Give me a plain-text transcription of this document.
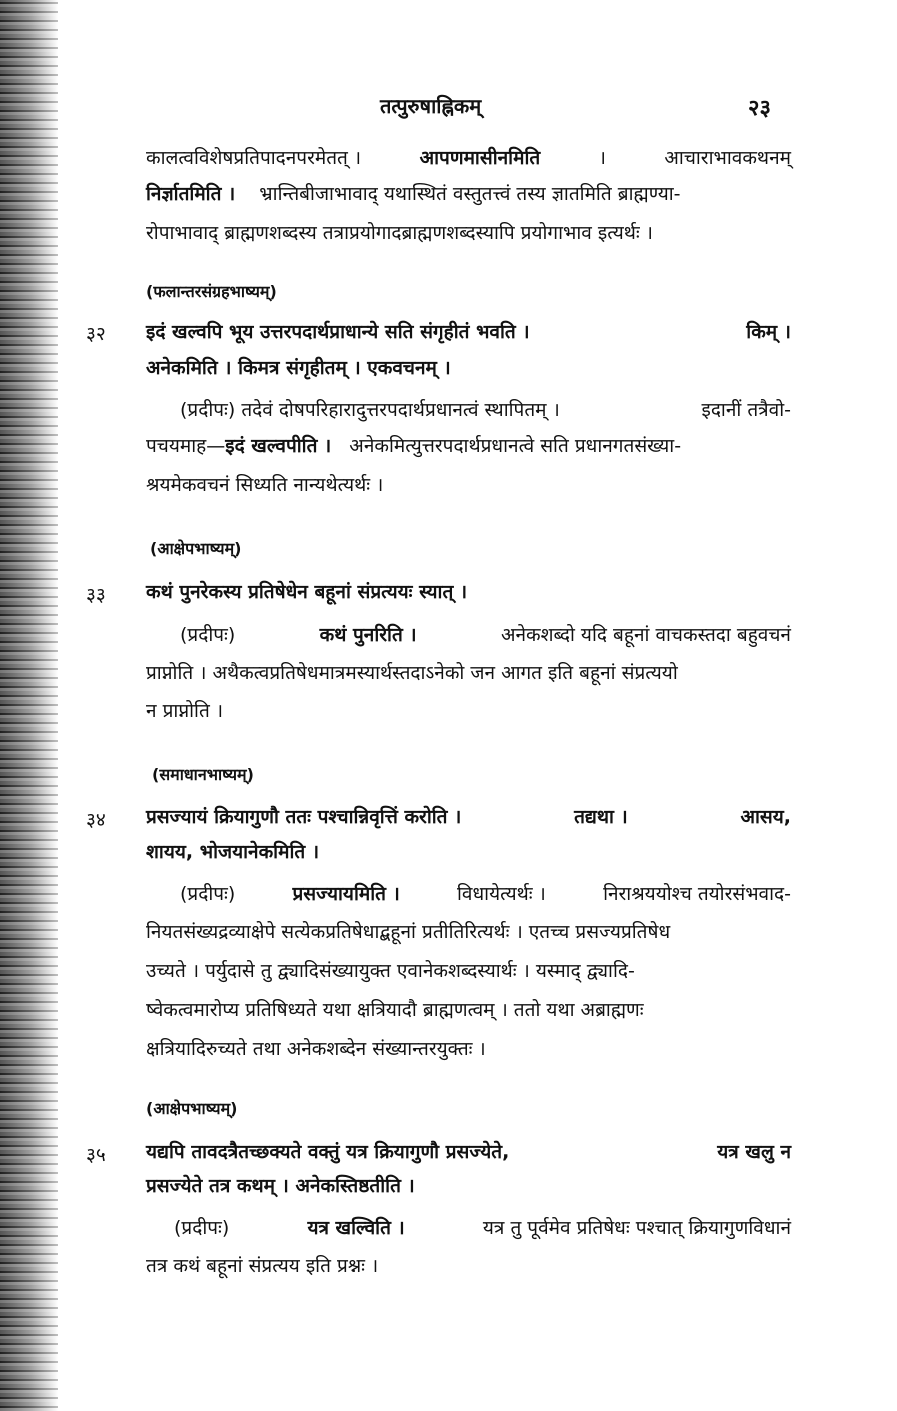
तत्पुरुषाह्निकम्	२३
कालत्वविशेषप्रतिपादनपरमेतत् ।	आपणमासीनमिति	।	आचाराभावकथनम्
निर्ज्ञातमिति । भ्रान्तिबीजाभावाद् यथास्थितं वस्तुतत्त्वं तस्य ज्ञातमिति ब्राह्मण्या-
रोपाभावाद् ब्राह्मणशब्दस्य तत्राप्रयोगादब्राह्मणशब्दस्यापि प्रयोगाभाव इत्यर्थः ।
(फलान्तरसंग्रहभाष्यम्)
३२ इदं खल्वपि भूय उत्तरपदार्थप्राधान्ये सति संगृहीतं भवति ।	किम् ।
अनेकमिति । किमत्र संगृहीतम् । एकवचनम् ।
(प्रदीपः) तदेवं दोषपरिहारादुत्तरपदार्थप्रधानत्वं स्थापितम् ।	इदानीं तत्रैवो-
पचयमाह—इदं खल्वपीति । अनेकमित्युत्तरपदार्थप्रधानत्वे सति प्रधानगतसंख्या-
श्रयमेकवचनं सिध्यति नान्यथेत्यर्थः ।
(आक्षेपभाष्यम्)
३३ कथं पुनरेकस्य प्रतिषेधेन बहूनां संप्रत्ययः स्यात् ।
(प्रदीपः)	कथं पुनरिति ।	अनेकशब्दो यदि बहूनां वाचकस्तदा बहुवचनं
प्राप्नोति । अथैकत्वप्रतिषेधमात्रमस्यार्थस्तदाऽनेको जन आगत इति बहूनां संप्रत्ययो
न प्राप्नोति ।
(समाधानभाष्यम्)
३४ प्रसज्यायं क्रियागुणौ ततः पश्चान्निवृत्तिं करोति ।	तद्यथा ।	आसय,
शायय, भोजयानेकमिति ।
(प्रदीपः)	प्रसज्यायमिति ।	विधायेत्यर्थः ।	निराश्रययोश्च तयोरसंभवाद-
नियतसंख्यद्रव्याक्षेपे सत्येकप्रतिषेधाद्बहूनां प्रतीतिरित्यर्थः । एतच्च प्रसज्यप्रतिषेध
उच्यते । पर्युदासे तु द्व्यादिसंख्यायुक्त एवानेकशब्दस्यार्थः । यस्माद् द्व्यादि-
ष्वेकत्वमारोप्य प्रतिषिध्यते यथा क्षत्रियादौ ब्राह्मणत्वम् । ततो यथा अब्राह्मणः
क्षत्रियादिरुच्यते तथा अनेकशब्देन संख्यान्तरयुक्तः ।
(आक्षेपभाष्यम्)
३५ यद्यपि तावदत्रैतच्छक्यते वक्तुं यत्र क्रियागुणौ प्रसज्येते,	यत्र खलु न
प्रसज्येते तत्र कथम् । अनेकस्तिष्ठतीति ।
(प्रदीपः)	यत्र खल्विति ।	यत्र तु पूर्वमेव प्रतिषेधः पश्चात् क्रियागुणविधानं
तत्र कथं बहूनां संप्रत्यय इति प्रश्नः ।
